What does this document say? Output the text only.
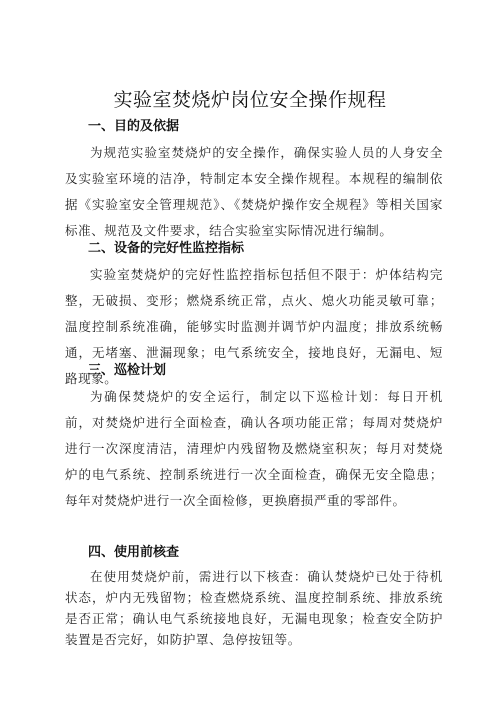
实验室焚烧炉岗位安全操作规程
一、目的及依据
为规范实验室焚烧炉的安全操作，确保实验人员的人身安全及实验室环境的洁净，特制定本安全操作规程。本规程的编制依据《实验室安全管理规范》、《焚烧炉操作安全规程》等相关国家标准、规范及文件要求，结合实验室实际情况进行编制。
二、设备的完好性监控指标
实验室焚烧炉的完好性监控指标包括但不限于：炉体结构完整，无破损、变形；燃烧系统正常，点火、熄火功能灵敏可靠；温度控制系统准确，能够实时监测并调节炉内温度；排放系统畅通，无堵塞、泄漏现象；电气系统安全，接地良好，无漏电、短路现象。
三、巡检计划
为确保焚烧炉的安全运行，制定以下巡检计划：每日开机前，对焚烧炉进行全面检查，确认各项功能正常；每周对焚烧炉进行一次深度清洁，清理炉内残留物及燃烧室积灰；每月对焚烧炉的电气系统、控制系统进行一次全面检查，确保无安全隐患；每年对焚烧炉进行一次全面检修，更换磨损严重的零部件。
四、使用前核查
在使用焚烧炉前，需进行以下核查：确认焚烧炉已处于待机状态，炉内无残留物；检查燃烧系统、温度控制系统、排放系统是否正常；确认电气系统接地良好，无漏电现象；检查安全防护装置是否完好，如防护罩、急停按钮等。
